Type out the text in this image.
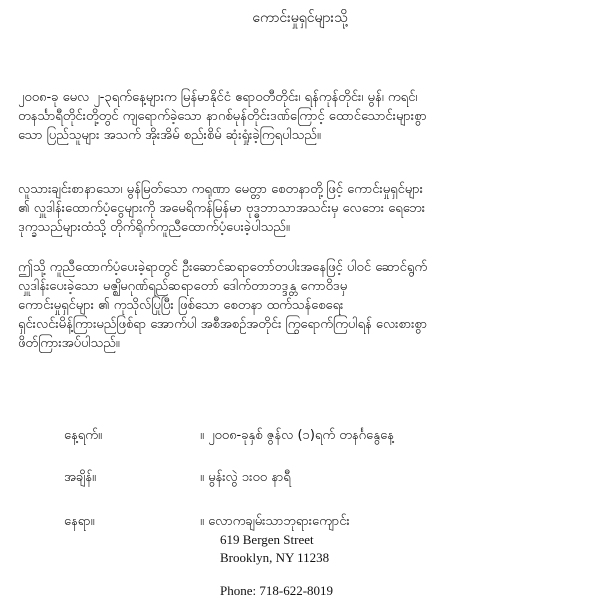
ကောင်းမှုရှင်များသို့
၂၀၀၈-ခု မေလ ၂-၃ရက်နေ့များက မြန်မာနိုင်ငံ ဧရာဝတီတိုင်း၊ ရန်ကုန်တိုင်း၊ မွန်၊ ကရင်၊
တနင်္သာရီတိုင်းတို့တွင် ကျရောက်ခဲ့သော နာဂစ်မုန်တိုင်းဒဏ်ကြောင့် ထောင်သောင်းများစွာ
သော ပြည်သူများ အသက် အိုးအိမ် စည်းစိမ် ဆုံးရှုံးခဲ့ကြရပါသည်။
လူသားချင်းစာနာသော၊ မွန်မြတ်သော ကရုဏာ မေတ္တာ စေတနာတို့ဖြင့် ကောင်းမှုရှင်များ
၏ လှူဒါန်းထောက်ပံ့ငွေများကို အမေရိကန်မြန်မာ ဗုဒ္ဓဘာသာအသင်းမှ လေဘေး ရေဘေး
ဒုက္ခသည်များထံသို့ တိုက်ရိုက်ကူညီထောက်ပံ့ပေးခဲ့ပါသည်။
ဤသို့ ကူညီထောက်ပံ့ပေးခဲ့ရာတွင် ဦးဆောင်ဆရာတော်တပါးအနေဖြင့် ပါဝင် ဆောင်ရွက်
လှူဒါန်းပေးခဲ့သော မဇ္ဈိမဂုဏ်ရည်ဆရာတော် ဒေါက်တာဘဒ္ဒန္တ ကောဝိဒမှ
ကောင်းမှုရှင်များ ၏ ကုသိုလ်ပြုပြီး ဖြစ်သော စေတနာ ထက်သန်စေရေး
ရှင်းလင်းမိန့်ကြားမည်ဖြစ်ရာ အောက်ပါ အစီအစဉ်အတိုင်း ကြွရောက်ကြပါရန် လေးစားစွာ
ဖိတ်ကြားအပ်ပါသည်။
နေ့ရက်။	။ ၂၀၀၈-ခုနှစ် ဇွန်လ (၁)ရက် တနင်္ဂနွေနေ့
အချိန်။	။ မွန်းလွဲ ၁း၀၀ နာရီ
နေရာ။	။ လောကချမ်းသာဘုရားကျောင်း
619 Bergen Street
Brooklyn, NY 11238
Phone: 718-622-8019
